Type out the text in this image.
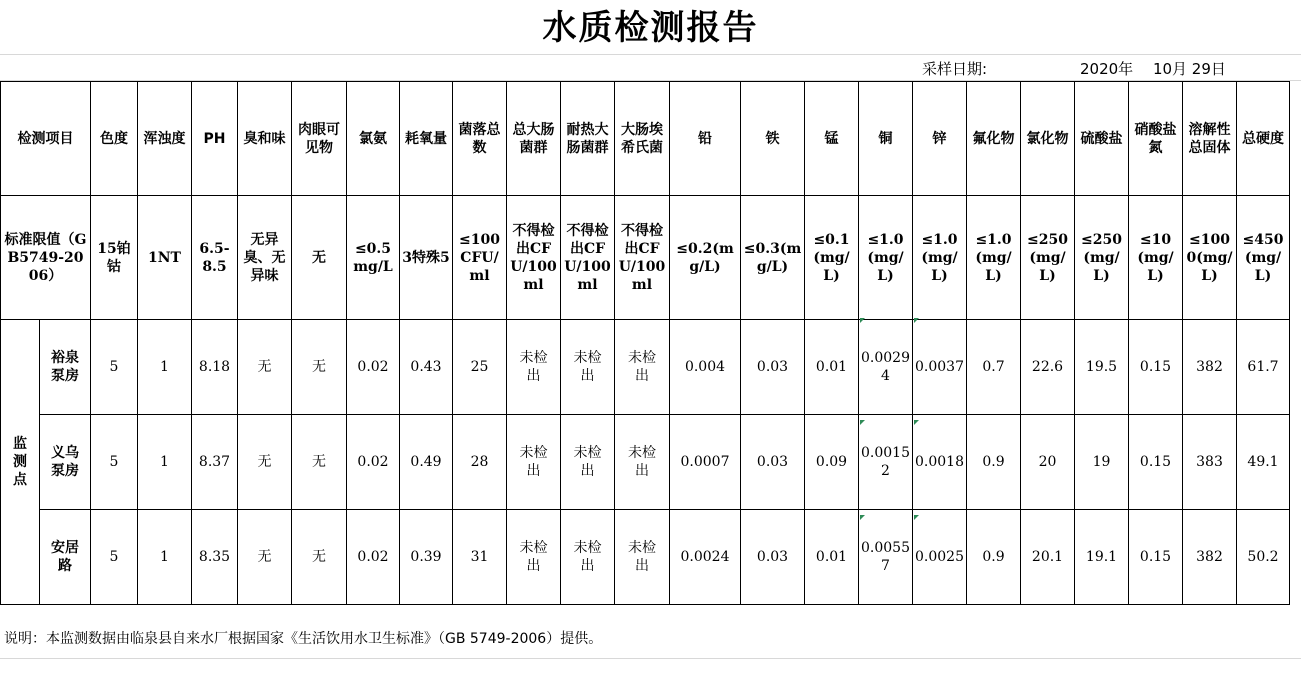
水质检测报告
采样日期:	2020年　 10月 29日
检测项目		色度	浑浊度	PH	臭和味	肉眼可见物	氯氨	耗氧量	菌落总数	总大肠菌群	耐热大肠菌群	大肠埃希氏菌	铅	铁	锰	铜	锌	氟化物	氯化物	硫酸盐	硝酸盐氮	溶解性总固体	总硬度
标准限值（GB5749-2006）		15铂钴	1NT	6.5-8.5	无异臭、无异味	无	≤0.5mg/L	3特殊5	≤100CFU/ml	不得检出CFU/100ml	不得检出CFU/100ml	不得检出CFU/100ml	≤0.2(mg/L)	≤0.3(mg/L)	≤0.1(mg/L)	≤1.0(mg/L)	≤1.0(mg/L)	≤1.0(mg/L)	≤250(mg/L)	≤250(mg/L)	≤10(mg/L)	≤1000(mg/L)	≤450(mg/L)
监测点	裕泉泵房	5	1	8.18	无	无	0.02	0.43	25	未检出	未检出	未检出	0.004	0.03	0.01	0.00294	0.0037	0.7	22.6	19.5	0.15	382	61.7
	义乌泵房	5	1	8.37	无	无	0.02	0.49	28	未检出	未检出	未检出	0.0007	0.03	0.09	0.00152	0.0018	0.9	20	19	0.15	383	49.1
	安居路	5	1	8.35	无	无	0.02	0.39	31	未检出	未检出	未检出	0.0024	0.03	0.01	0.00557	0.0025	0.9	20.1	19.1	0.15	382	50.2
说明：本监测数据由临泉县自来水厂根据国家《生活饮用水卫生标准》（GB 5749-2006）提供。
